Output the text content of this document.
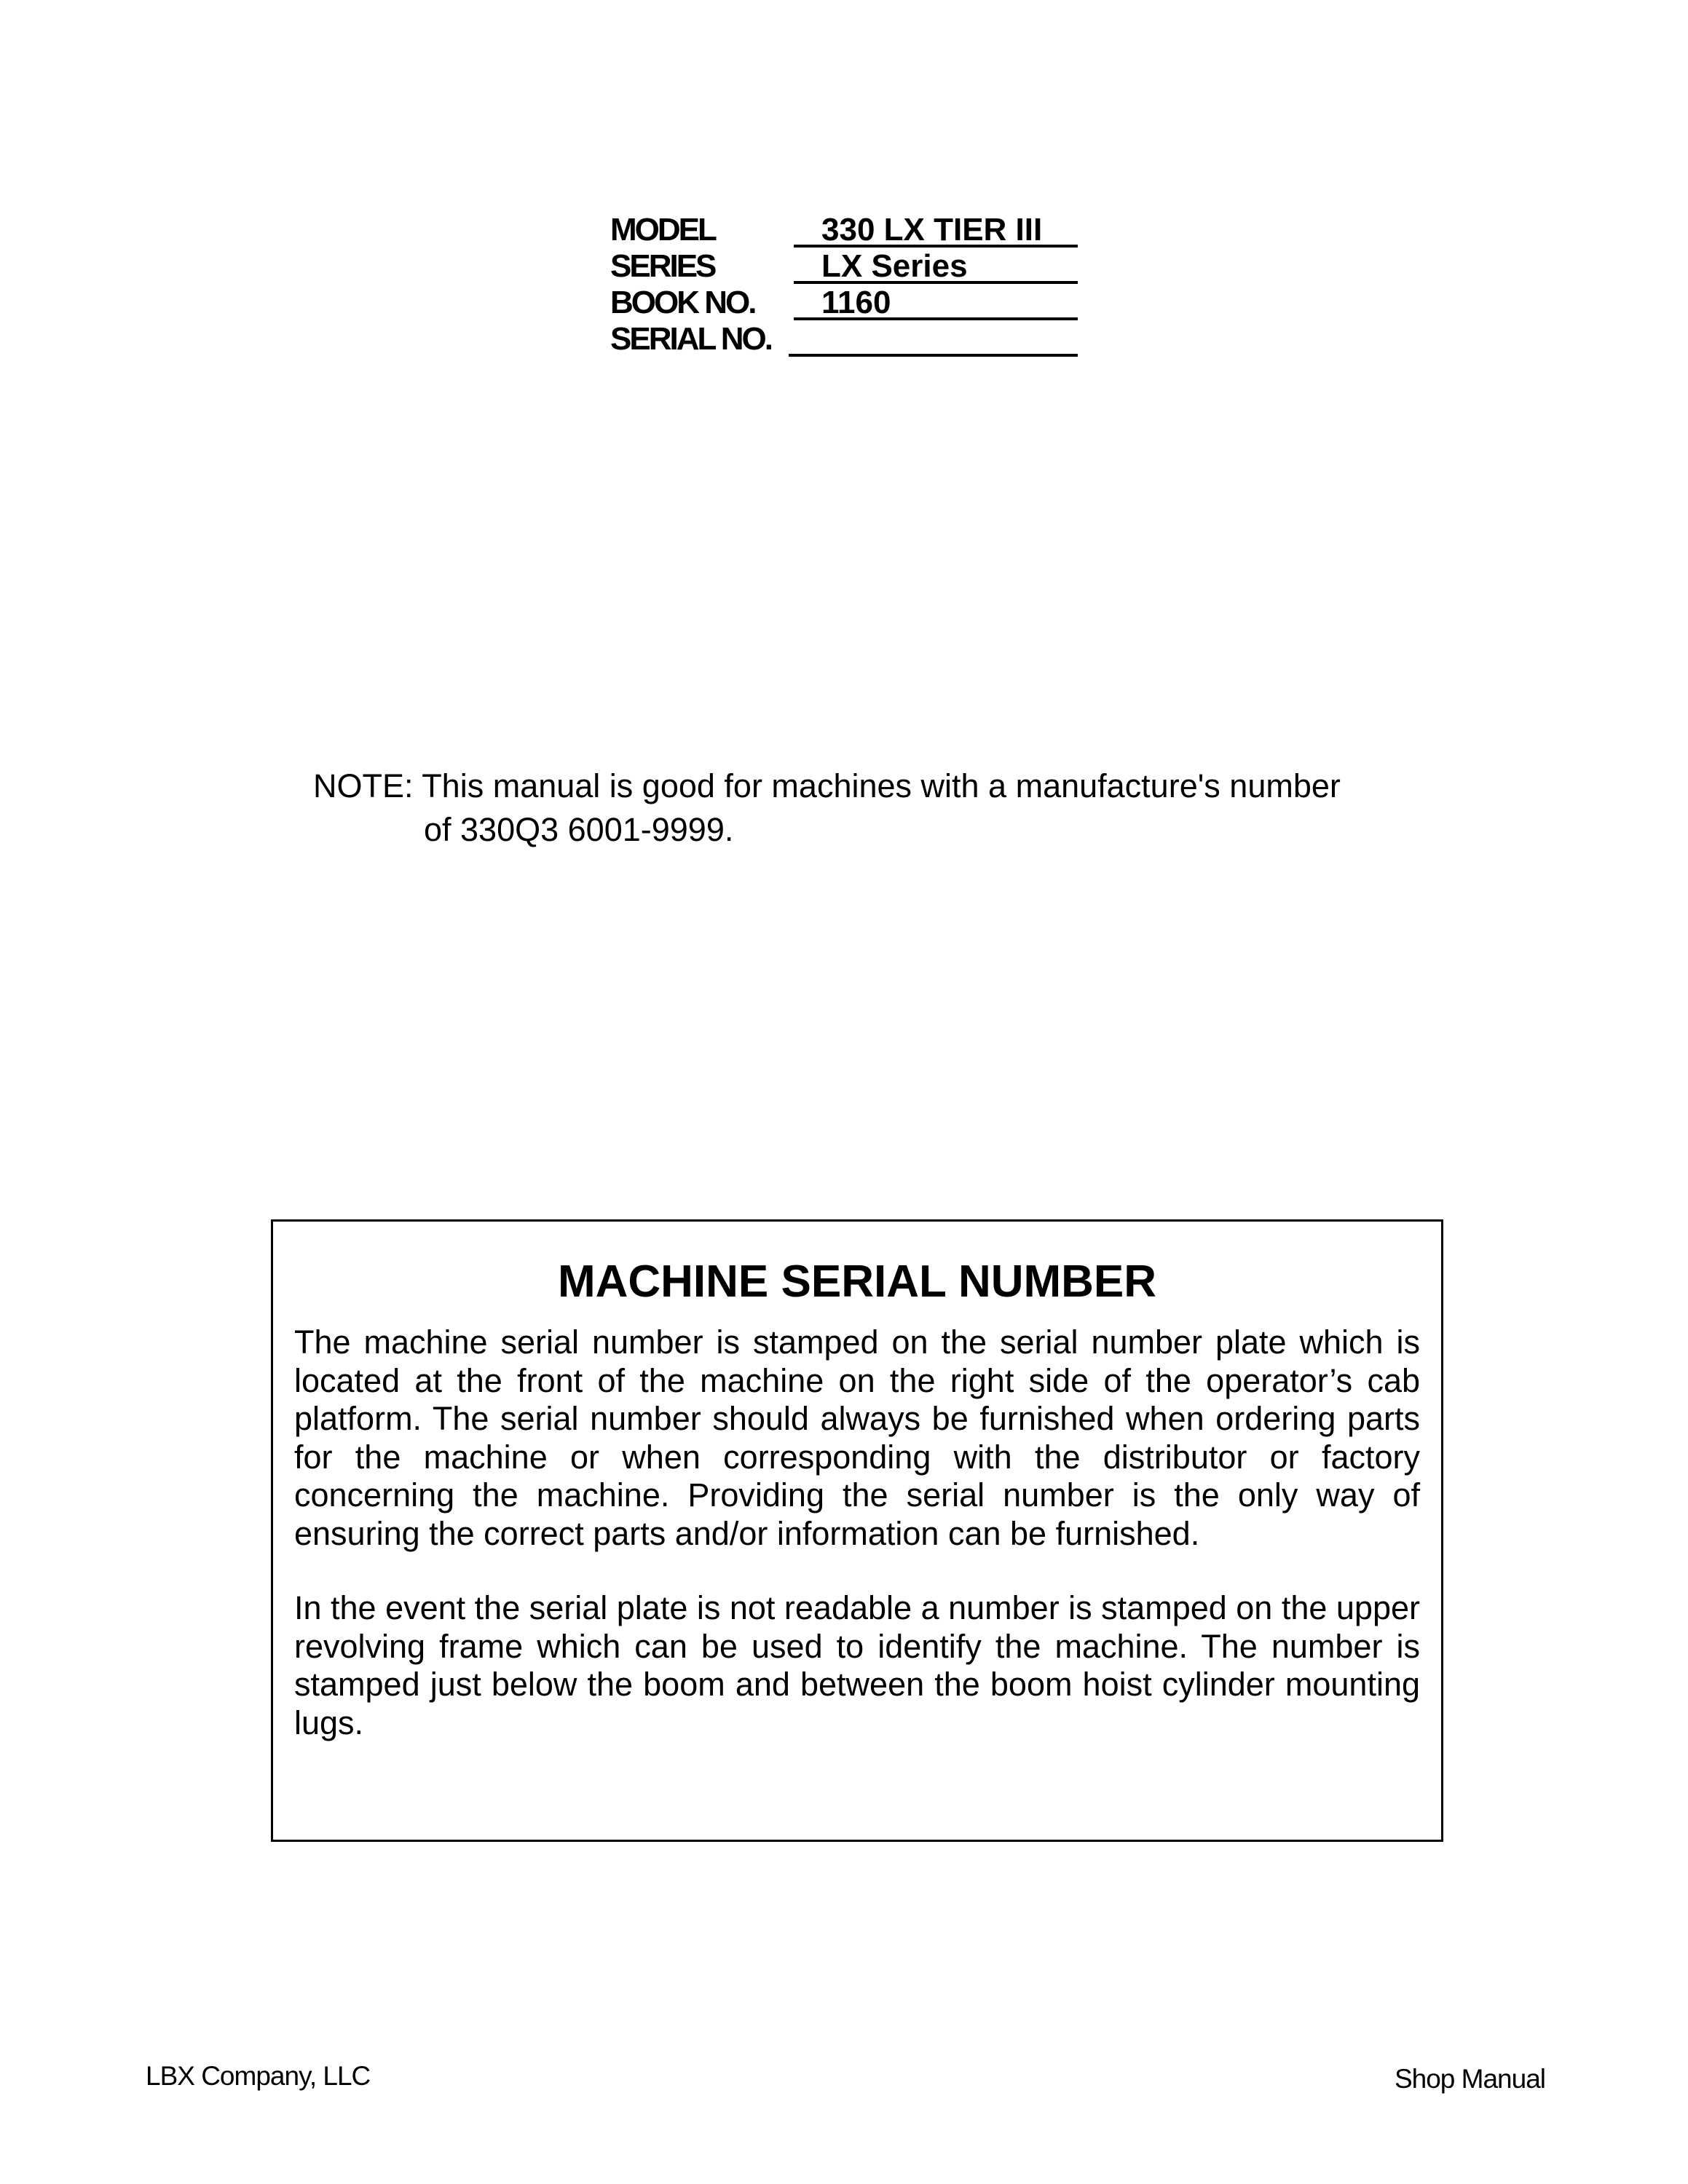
MODEL	330 LX TIER III
SERIES	LX Series
BOOK NO. 1160
SERIAL NO.
NOTE: This manual is good for machines with a manufacture's number
of 330Q3 6001-9999.
MACHINE SERIAL NUMBER

The machine serial number is stamped on the serial number plate which is located at the front of the machine on the right side of the operator’s cab platform. The serial number should always be furnished when ordering parts for the machine or when corresponding with the distributor or factory concerning the machine. Providing the serial number is the only way of ensuring the correct parts and/or information can be furnished.

In the event the serial plate is not readable a number is stamped on the upper revolving frame which can be used to identify the machine. The number is stamped just below the boom and between the boom hoist cylinder mounting lugs.

LBX Company, LLC	Shop Manual
